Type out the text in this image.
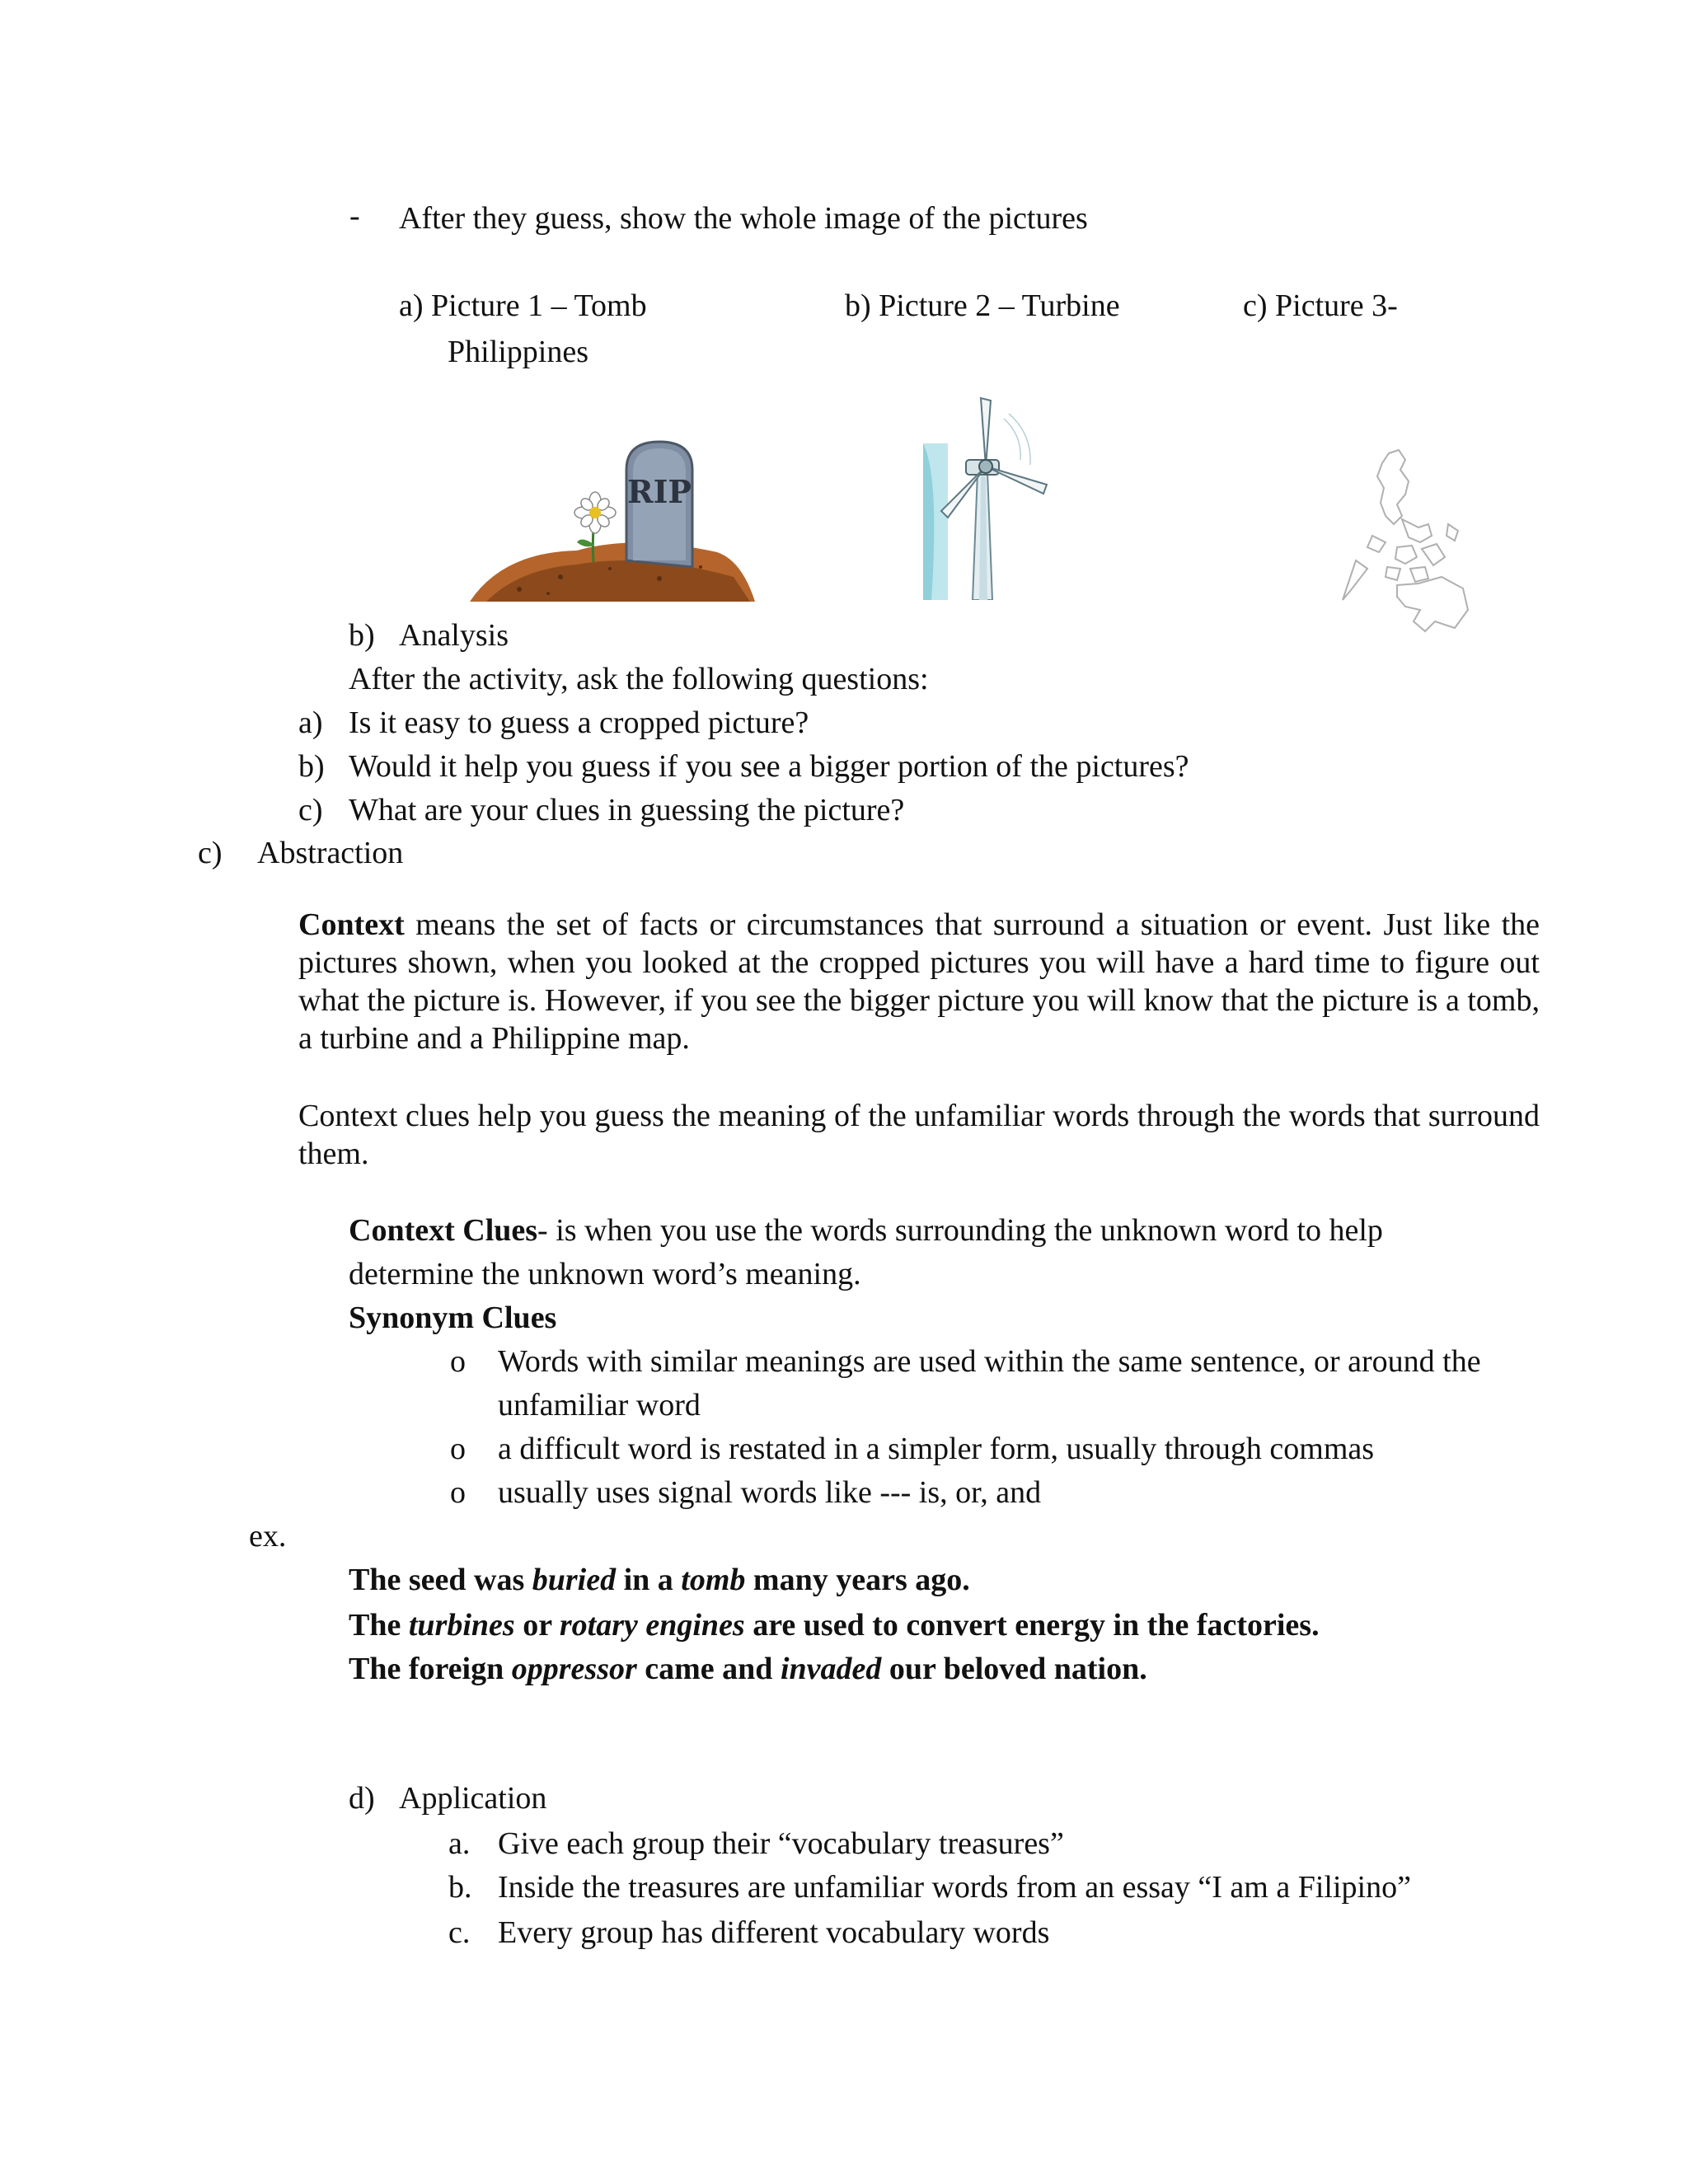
- After they guess, show the whole image of the pictures
a) Picture 1 – Tomb	b) Picture 2 – Turbine	c) Picture 3-
Philippines
RIP
b) Analysis
After the activity, ask the following questions:
a) Is it easy to guess a cropped picture?
b) Would it help you guess if you see a bigger portion of the pictures?
c) What are your clues in guessing the picture?
c) Abstraction
Context means the set of facts or circumstances that surround a situation or event. Just like the pictures shown, when you looked at the cropped pictures you will have a hard time to figure out what the picture is. However, if you see the bigger picture you will know that the picture is a tomb, a turbine and a Philippine map.
Context clues help you guess the meaning of the unfamiliar words through the words that surround them.
Context Clues- is when you use the words surrounding the unknown word to help
determine the unknown word’s meaning.
Synonym Clues
o Words with similar meanings are used within the same sentence, or around the
unfamiliar word
o a difficult word is restated in a simpler form, usually through commas
o usually uses signal words like --- is, or, and
ex.
The seed was buried in a tomb many years ago.
The turbines or rotary engines are used to convert energy in the factories.
The foreign oppressor came and invaded our beloved nation.
d) Application
a. Give each group their “vocabulary treasures”
b. Inside the treasures are unfamiliar words from an essay “I am a Filipino”
c. Every group has different vocabulary words
